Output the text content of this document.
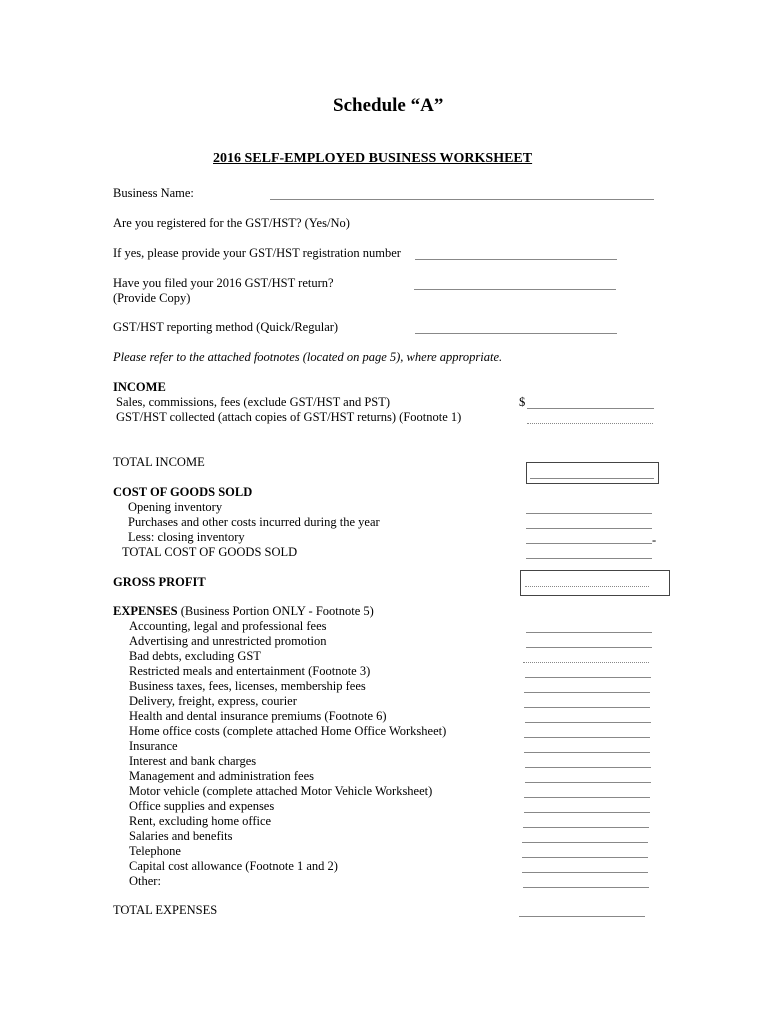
Schedule “A”
2016 SELF-EMPLOYED BUSINESS WORKSHEET
Business Name:
Are you registered for the GST/HST? (Yes/No)
If yes, please provide your GST/HST registration number
Have you filed your 2016 GST/HST return?
(Provide Copy)
GST/HST reporting method (Quick/Regular)
Please refer to the attached footnotes (located on page 5), where appropriate.
INCOME
Sales, commissions, fees (exclude GST/HST and PST)	$
GST/HST collected (attach copies of GST/HST returns) (Footnote 1)
TOTAL INCOME
COST OF GOODS SOLD
Opening inventory
Purchases and other costs incurred during the year
Less: closing inventory	-
TOTAL COST OF GOODS SOLD
GROSS PROFIT
EXPENSES (Business Portion ONLY - Footnote 5)
Accounting, legal and professional fees
Advertising and unrestricted promotion
Bad debts, excluding GST
Restricted meals and entertainment (Footnote 3)
Business taxes, fees, licenses, membership fees
Delivery, freight, express, courier
Health and dental insurance premiums (Footnote 6)
Home office costs (complete attached Home Office Worksheet)
Insurance
Interest and bank charges
Management and administration fees
Motor vehicle (complete attached Motor Vehicle Worksheet)
Office supplies and expenses
Rent, excluding home office
Salaries and benefits
Telephone
Capital cost allowance (Footnote 1 and 2)
Other:
TOTAL EXPENSES
